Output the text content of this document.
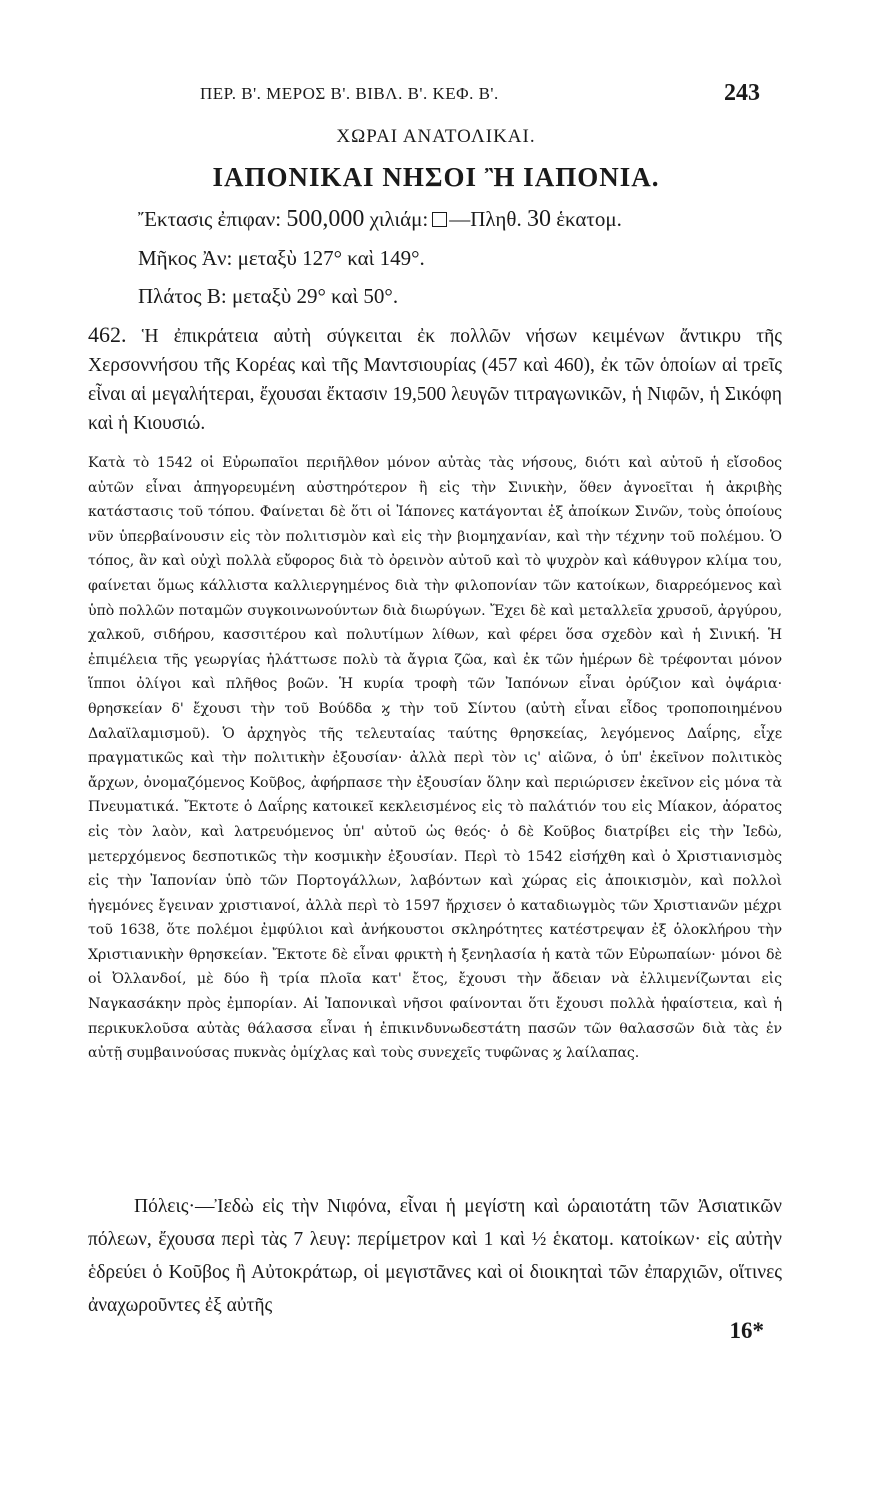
ΠΕΡ. Β'. ΜΕΡΟΣ Β'. ΒΙΒΛ. Β'. ΚΕΦ. Β'.	243
ΧΩΡΑΙ ΑΝΑΤΟΛΙΚΑΙ.
ΙΑΠΟΝΙΚΑΙ ΝΗΣΟΙ Ἢ ΙΑΠΟΝΙΑ.
Ἔκτασις ἐπιφαν: 500,000 χιλιάμ: —Πληθ. 30 ἑκατομ.
Μῆκος Ἀν: μεταξὺ 127° καὶ 149°.
Πλάτος Β: μεταξὺ 29° καὶ 50°.
462. Ἡ ἐπικράτεια αὐτὴ σύγκειται ἐκ πολλῶν νήσων κειμένων ἄντικρυ τῆς Χερσοννήσου τῆς Κορέας καὶ τῆς Μαντσιουρίας (457 καὶ 460), ἐκ τῶν ὁποίων αἱ τρεῖς εἶναι αἱ μεγαλήτεραι, ἔχουσαι ἔκτασιν 19,500 λευγῶν τιτραγωνικῶν, ἡ Νιφῶν, ἡ Σικόφη καὶ ἡ Κιουσιώ.
Κατὰ τὸ 1542 οἱ Εὐρωπαῖοι περιῆλθον μόνον αὐτὰς τὰς νήσους, διότι καὶ αὐτοῦ ἡ εἴσοδος αὐτῶν εἶναι ἀπηγορευμένη αὐστηρότερον ἢ εἰς τὴν Σινικὴν, ὅθεν ἀγνοεῖται ἡ ἀκριβὴς κατάστασις τοῦ τόπου. Φαίνεται δὲ ὅτι οἱ Ἰάπονες κατάγονται ἐξ ἀποίκων Σινῶν, τοὺς ὁποίους νῦν ὑπερβαίνουσιν εἰς τὸν πολιτισμὸν καὶ εἰς τὴν βιομηχανίαν, καὶ τὴν τέχνην τοῦ πολέμου. Ὁ τόπος, ἂν καὶ οὐχὶ πολλὰ εὔφορος διὰ τὸ ὀρεινὸν αὐτοῦ καὶ τὸ ψυχρὸν καὶ κάθυγρον κλίμα του, φαίνεται ὅμως κάλλιστα καλλιεργημένος διὰ τὴν φιλοπονίαν τῶν κατοίκων, διαρρεόμενος καὶ ὑπὸ πολλῶν ποταμῶν συγκοινωνούντων διὰ διωρύγων. Ἔχει δὲ καὶ μεταλλεῖα χρυσοῦ, ἀργύρου, χαλκοῦ, σιδήρου, κασσιτέρου καὶ πολυτίμων λίθων, καὶ φέρει ὅσα σχεδὸν καὶ ἡ Σινική. Ἡ ἐπιμέλεια τῆς γεωργίας ἠλάττωσε πολὺ τὰ ἄγρια ζῶα, καὶ ἐκ τῶν ἡμέρων δὲ τρέφονται μόνον ἵπποι ὀλίγοι καὶ πλῆθος βοῶν. Ἡ κυρία τροφὴ τῶν Ἰαπόνων εἶναι ὀρύζιον καὶ ὀψάρια· θρησκείαν δ' ἔχουσι τὴν τοῦ Βούδδα ϗ τὴν τοῦ Σίντου (αὐτὴ εἶναι εἶδος τροποποιημένου Δαλαϊλαμισμοῦ). Ὁ ἀρχηγὸς τῆς τελευταίας ταύτης θρησκείας, λεγόμενος Δαΐρης, εἶχε πραγματικῶς καὶ τὴν πολιτικὴν ἐξουσίαν· ἀλλὰ περὶ τὸν ις' αἰῶνα, ὁ ὑπ' ἐκεῖνον πολιτικὸς ἄρχων, ὀνομαζόμενος Κοῦβος, ἀφήρπασε τὴν ἐξουσίαν ὅλην καὶ περιώρισεν ἐκεῖνον εἰς μόνα τὰ Πνευματικά. Ἔκτοτε ὁ Δαΐρης κατοικεῖ κεκλεισμένος εἰς τὸ παλάτιόν του εἰς Μίακον, ἀόρατος εἰς τὸν λαὸν, καὶ λατρευόμενος ὑπ' αὐτοῦ ὡς θεός· ὁ δὲ Κοῦβος διατρίβει εἰς τὴν Ἰεδὼ, μετερχόμενος δεσποτικῶς τὴν κοσμικὴν ἐξουσίαν. Περὶ τὸ 1542 εἰσήχθη καὶ ὁ Χριστιανισμὸς εἰς τὴν Ἰαπονίαν ὑπὸ τῶν Πορτογάλλων, λαβόντων καὶ χώρας εἰς ἀποικισμὸν, καὶ πολλοὶ ἡγεμόνες ἔγειναν χριστιανοί, ἀλλὰ περὶ τὸ 1597 ἤρχισεν ὁ καταδιωγμὸς τῶν Χριστιανῶν μέχρι τοῦ 1638, ὅτε πολέμοι ἐμφύλιοι καὶ ἀνήκουστοι σκληρότητες κατέστρεψαν ἐξ ὁλοκλήρου τὴν Χριστιανικὴν θρησκείαν. Ἔκτοτε δὲ εἶναι φρικτὴ ἡ ξενηλασία ἡ κατὰ τῶν Εὐρωπαίων· μόνοι δὲ οἱ Ὀλλανδοί, μὲ δύο ἢ τρία πλοῖα κατ' ἔτος, ἔχουσι τὴν ἄδειαν νὰ ἐλλιμενίζωνται εἰς Ναγκασάκην πρὸς ἐμπορίαν. Αἱ Ἰαπονικαὶ νῆσοι φαίνονται ὅτι ἔχουσι πολλὰ ἡφαίστεια, καὶ ἡ περικυκλοῦσα αὐτὰς θάλασσα εἶναι ἡ ἐπικινδυνωδεστάτη πασῶν τῶν θαλασσῶν διὰ τὰς ἐν αὐτῇ συμβαινούσας πυκνὰς ὀμίχλας καὶ τοὺς συνεχεῖς τυφῶνας ϗ λαίλαπας.
Πόλεις·—Ἰεδὼ εἰς τὴν Νιφόνα, εἶναι ἡ μεγίστη καὶ ὡραιοτάτη τῶν Ἀσιατικῶν πόλεων, ἔχουσα περὶ τὰς 7 λευγ: περίμετρον καὶ 1 καὶ ½ ἑκατομ. κατοίκων· εἰς αὐτὴν ἑδρεύει ὁ Κοῦβος ἢ Αὐτοκράτωρ, οἱ μεγιστᾶνες καὶ οἱ διοικηταὶ τῶν ἐπαρχιῶν, οἵτινες ἀναχωροῦντες ἐξ αὐτῆς
16*
